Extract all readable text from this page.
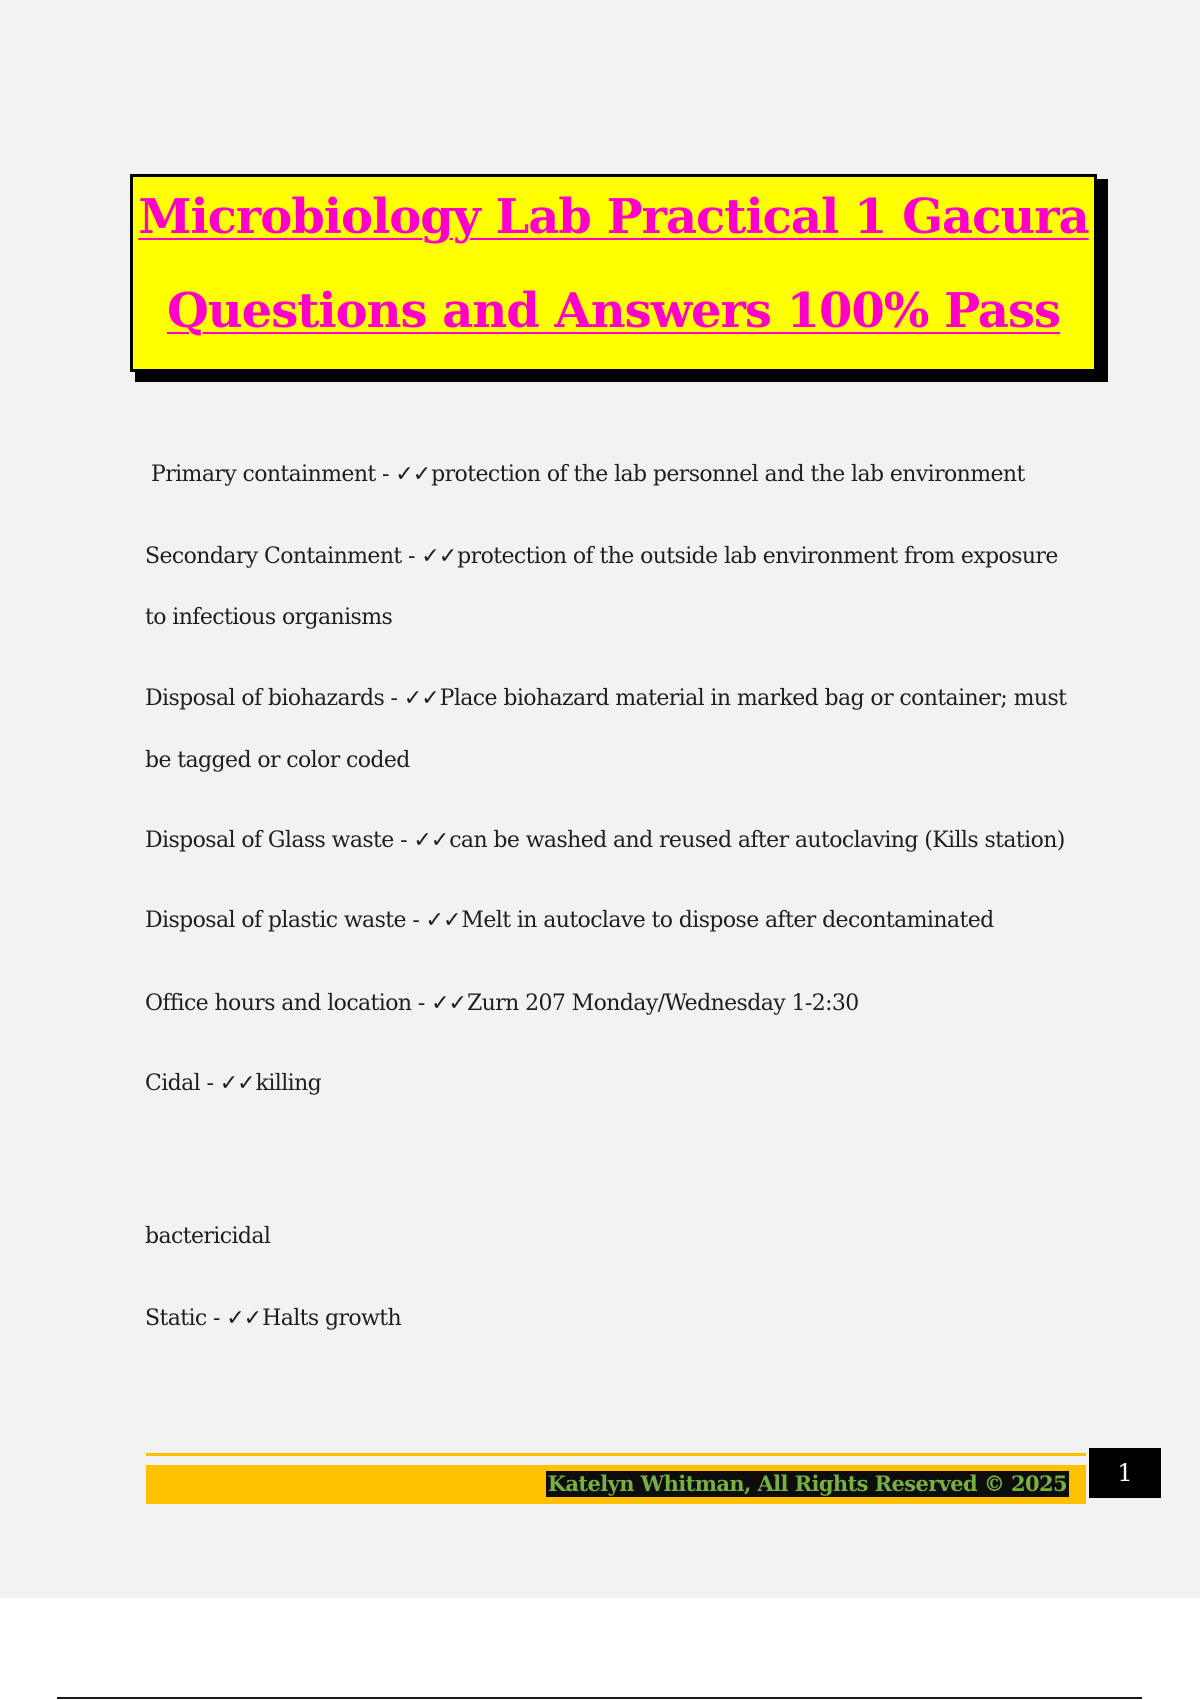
Microbiology Lab Practical 1 Gacura
Questions and Answers 100% Pass
Primary containment - ✓✓protection of the lab personnel and the lab environment
Secondary Containment - ✓✓protection of the outside lab environment from exposure
to infectious organisms
Disposal of biohazards - ✓✓Place biohazard material in marked bag or container; must
be tagged or color coded
Disposal of Glass waste - ✓✓can be washed and reused after autoclaving (Kills station)
Disposal of plastic waste - ✓✓Melt in autoclave to dispose after decontaminated
Office hours and location - ✓✓Zurn 207 Monday/Wednesday 1-2:30
Cidal - ✓✓killing
bactericidal
Static - ✓✓Halts growth
Katelyn Whitman, All Rights Reserved © 2025	1
